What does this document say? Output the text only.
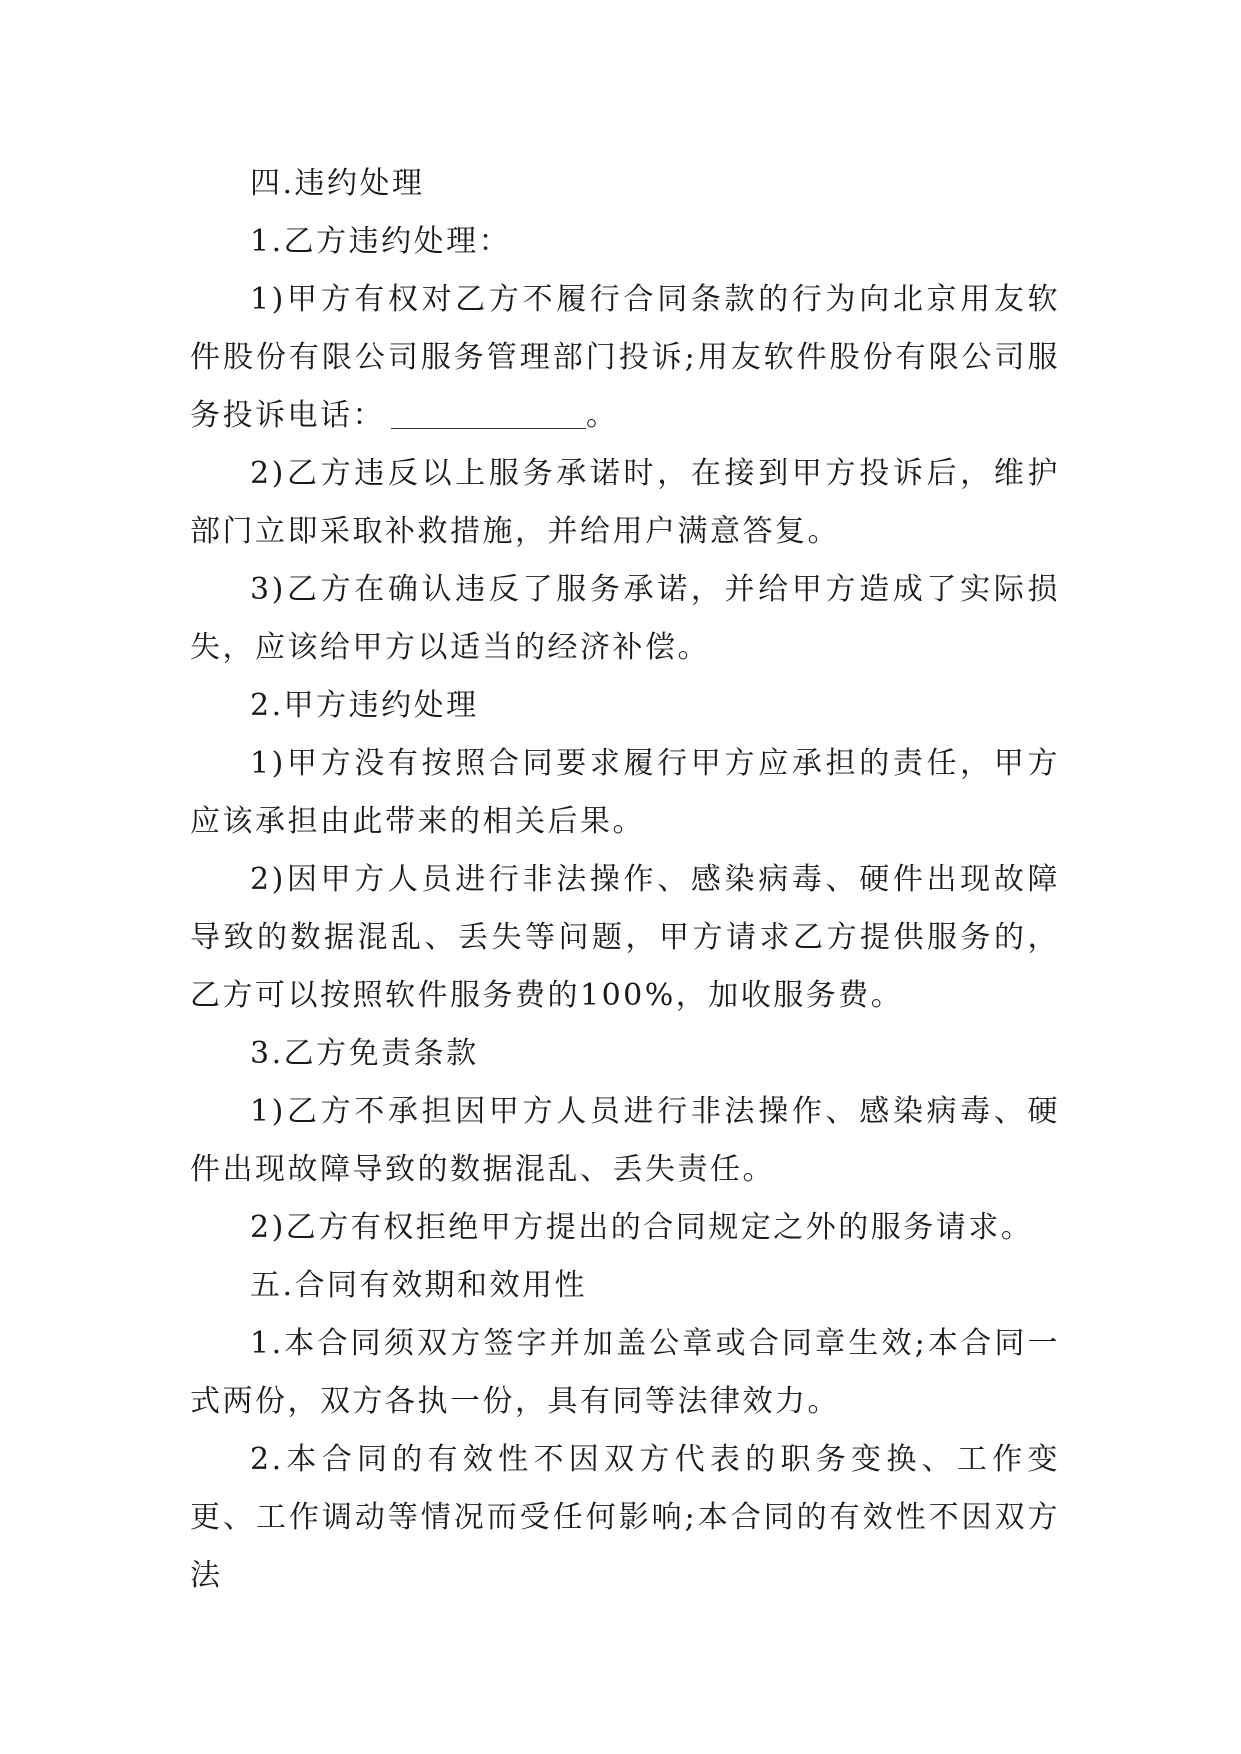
四.违约处理

1.乙方违约处理：

1)甲方有权对乙方不履行合同条款的行为向北京用友软件股份有限公司服务管理部门投诉;用友软件股份有限公司服务投诉电话：	。

2)乙方违反以上服务承诺时，在接到甲方投诉后，维护部门立即采取补救措施，并给用户满意答复。

3)乙方在确认违反了服务承诺，并给甲方造成了实际损失，应该给甲方以适当的经济补偿。

2.甲方违约处理

1)甲方没有按照合同要求履行甲方应承担的责任，甲方应该承担由此带来的相关后果。

2)因甲方人员进行非法操作、感染病毒、硬件出现故障导致的数据混乱、丢失等问题，甲方请求乙方提供服务的，乙方可以按照软件服务费的100%，加收服务费。

3.乙方免责条款

1)乙方不承担因甲方人员进行非法操作、感染病毒、硬件出现故障导致的数据混乱、丢失责任。

2)乙方有权拒绝甲方提出的合同规定之外的服务请求。

五.合同有效期和效用性

1.本合同须双方签字并加盖公章或合同章生效;本合同一式两份，双方各执一份，具有同等法律效力。

2.本合同的有效性不因双方代表的职务变换、工作变更、工作调动等情况而受任何影响;本合同的有效性不因双方法
